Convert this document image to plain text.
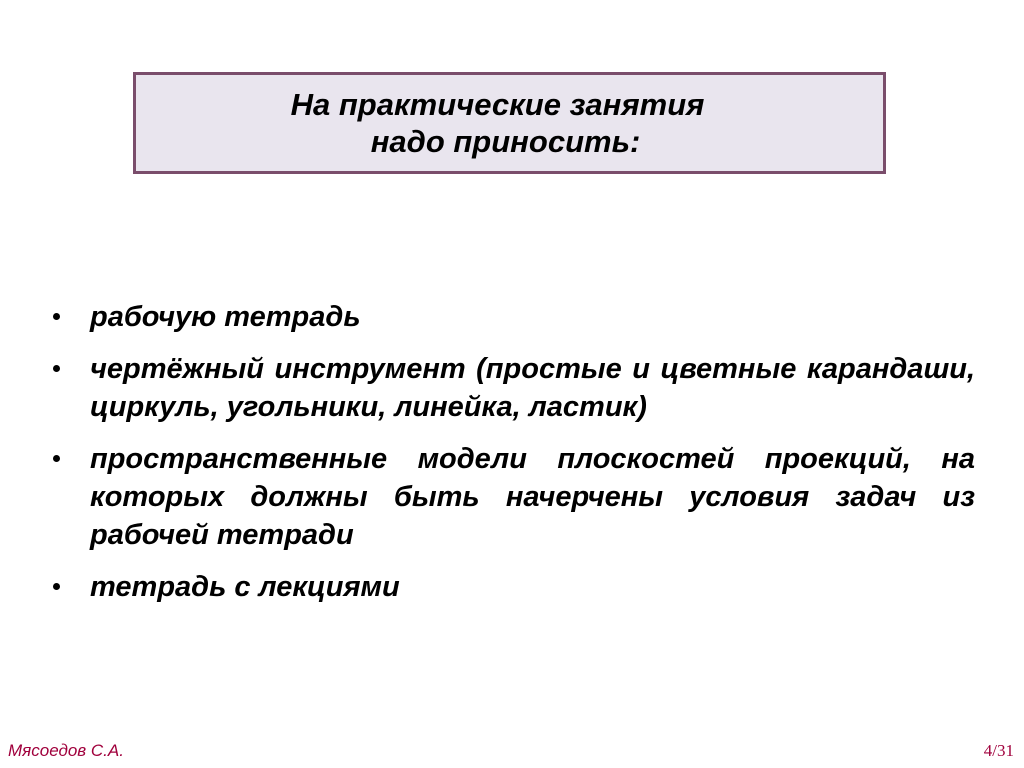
На практические занятия
надо приносить:
рабочую тетрадь
чертёжный инструмент (простые и цветные карандаши, циркуль, угольники, линейка, ластик)
пространственные модели плоскостей проекций, на которых должны быть начерчены условия задач из рабочей тетради
тетрадь с лекциями
Мясоедов С.А.	4/31
